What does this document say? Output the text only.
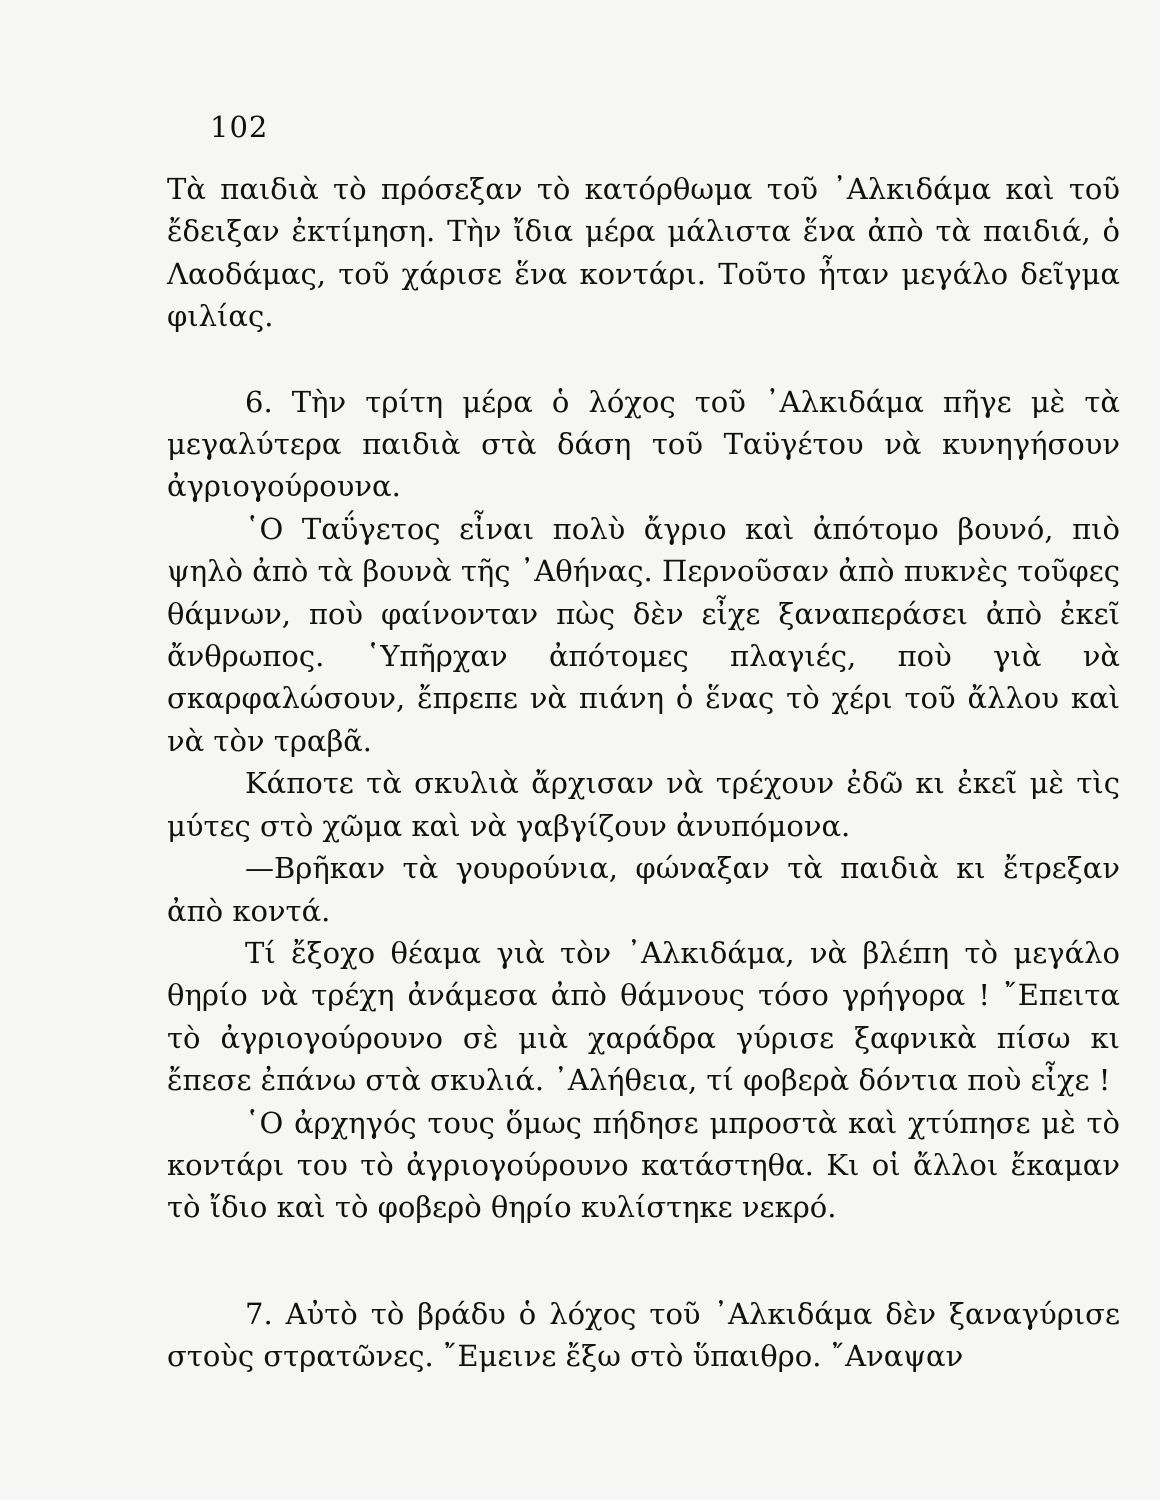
102

Τὰ παιδιὰ τὸ πρόσεξαν τὸ κατόρθωμα τοῦ ᾿Αλκιδάμα καὶ τοῦ ἔδειξαν ἐκτίμηση. Τὴν ἴδια μέρα μάλιστα ἕνα ἀπὸ τὰ παιδιά, ὁ Λαοδάμας, τοῦ χάρισε ἕνα κοντάρι. Τοῦτο ἦταν μεγάλο δεῖγμα φιλίας.

6. Τὴν τρίτη μέρα ὁ λόχος τοῦ ᾿Αλκιδάμα πῆγε μὲ τὰ μεγαλύτερα παιδιὰ στὰ δάση τοῦ Ταϋγέτου νὰ κυνηγήσουν ἀγριογούρουνα.

῾Ο Ταΰγετος εἶναι πολὺ ἄγριο καὶ ἀπότομο βουνό, πιὸ ψηλὸ ἀπὸ τὰ βουνὰ τῆς ᾿Αθήνας. Περνοῦσαν ἀπὸ πυκνὲς τοῦφες θάμνων, ποὺ φαίνονταν πὼς δὲν εἶχε ξαναπεράσει ἀπὸ ἐκεῖ ἄνθρωπος. ῾Υπῆρχαν ἀπότομες πλαγιές, ποὺ γιὰ νὰ σκαρφαλώσουν, ἔπρεπε νὰ πιάνη ὁ ἕνας τὸ χέρι τοῦ ἄλλου καὶ νὰ τὸν τραβᾶ.

Κάποτε τὰ σκυλιὰ ἄρχισαν νὰ τρέχουν ἐδῶ κι ἐκεῖ μὲ τὶς μύτες στὸ χῶμα καὶ νὰ γαβγίζουν ἀνυπόμονα.

—Βρῆκαν τὰ γουρούνια, φώναξαν τὰ παιδιὰ κι ἔτρεξαν ἀπὸ κοντά.

Τί ἔξοχο θέαμα γιὰ τὸν ᾿Αλκιδάμα, νὰ βλέπη τὸ μεγάλο θηρίο νὰ τρέχη ἀνάμεσα ἀπὸ θάμνους τόσο γρήγορα ! ῎Επειτα τὸ ἀγριογούρουνο σὲ μιὰ χαράδρα γύρισε ξαφνικὰ πίσω κι ἔπεσε ἐπάνω στὰ σκυλιά. ᾿Αλήθεια, τί φοβερὰ δόντια ποὺ εἶχε !

῾Ο ἀρχηγός τους ὅμως πήδησε μπροστὰ καὶ χτύπησε μὲ τὸ κοντάρι του τὸ ἀγριογούρουνο κατάστηθα. Κι οἱ ἄλλοι ἔκαμαν τὸ ἴδιο καὶ τὸ φοβερὸ θηρίο κυλίστηκε νεκρό.

7. Αὐτὸ τὸ βράδυ ὁ λόχος τοῦ ᾿Αλκιδάμα δὲν ξαναγύρισε στοὺς στρατῶνες. ῎Εμεινε ἔξω στὸ ὕπαιθρο. ῎Αναψαν
